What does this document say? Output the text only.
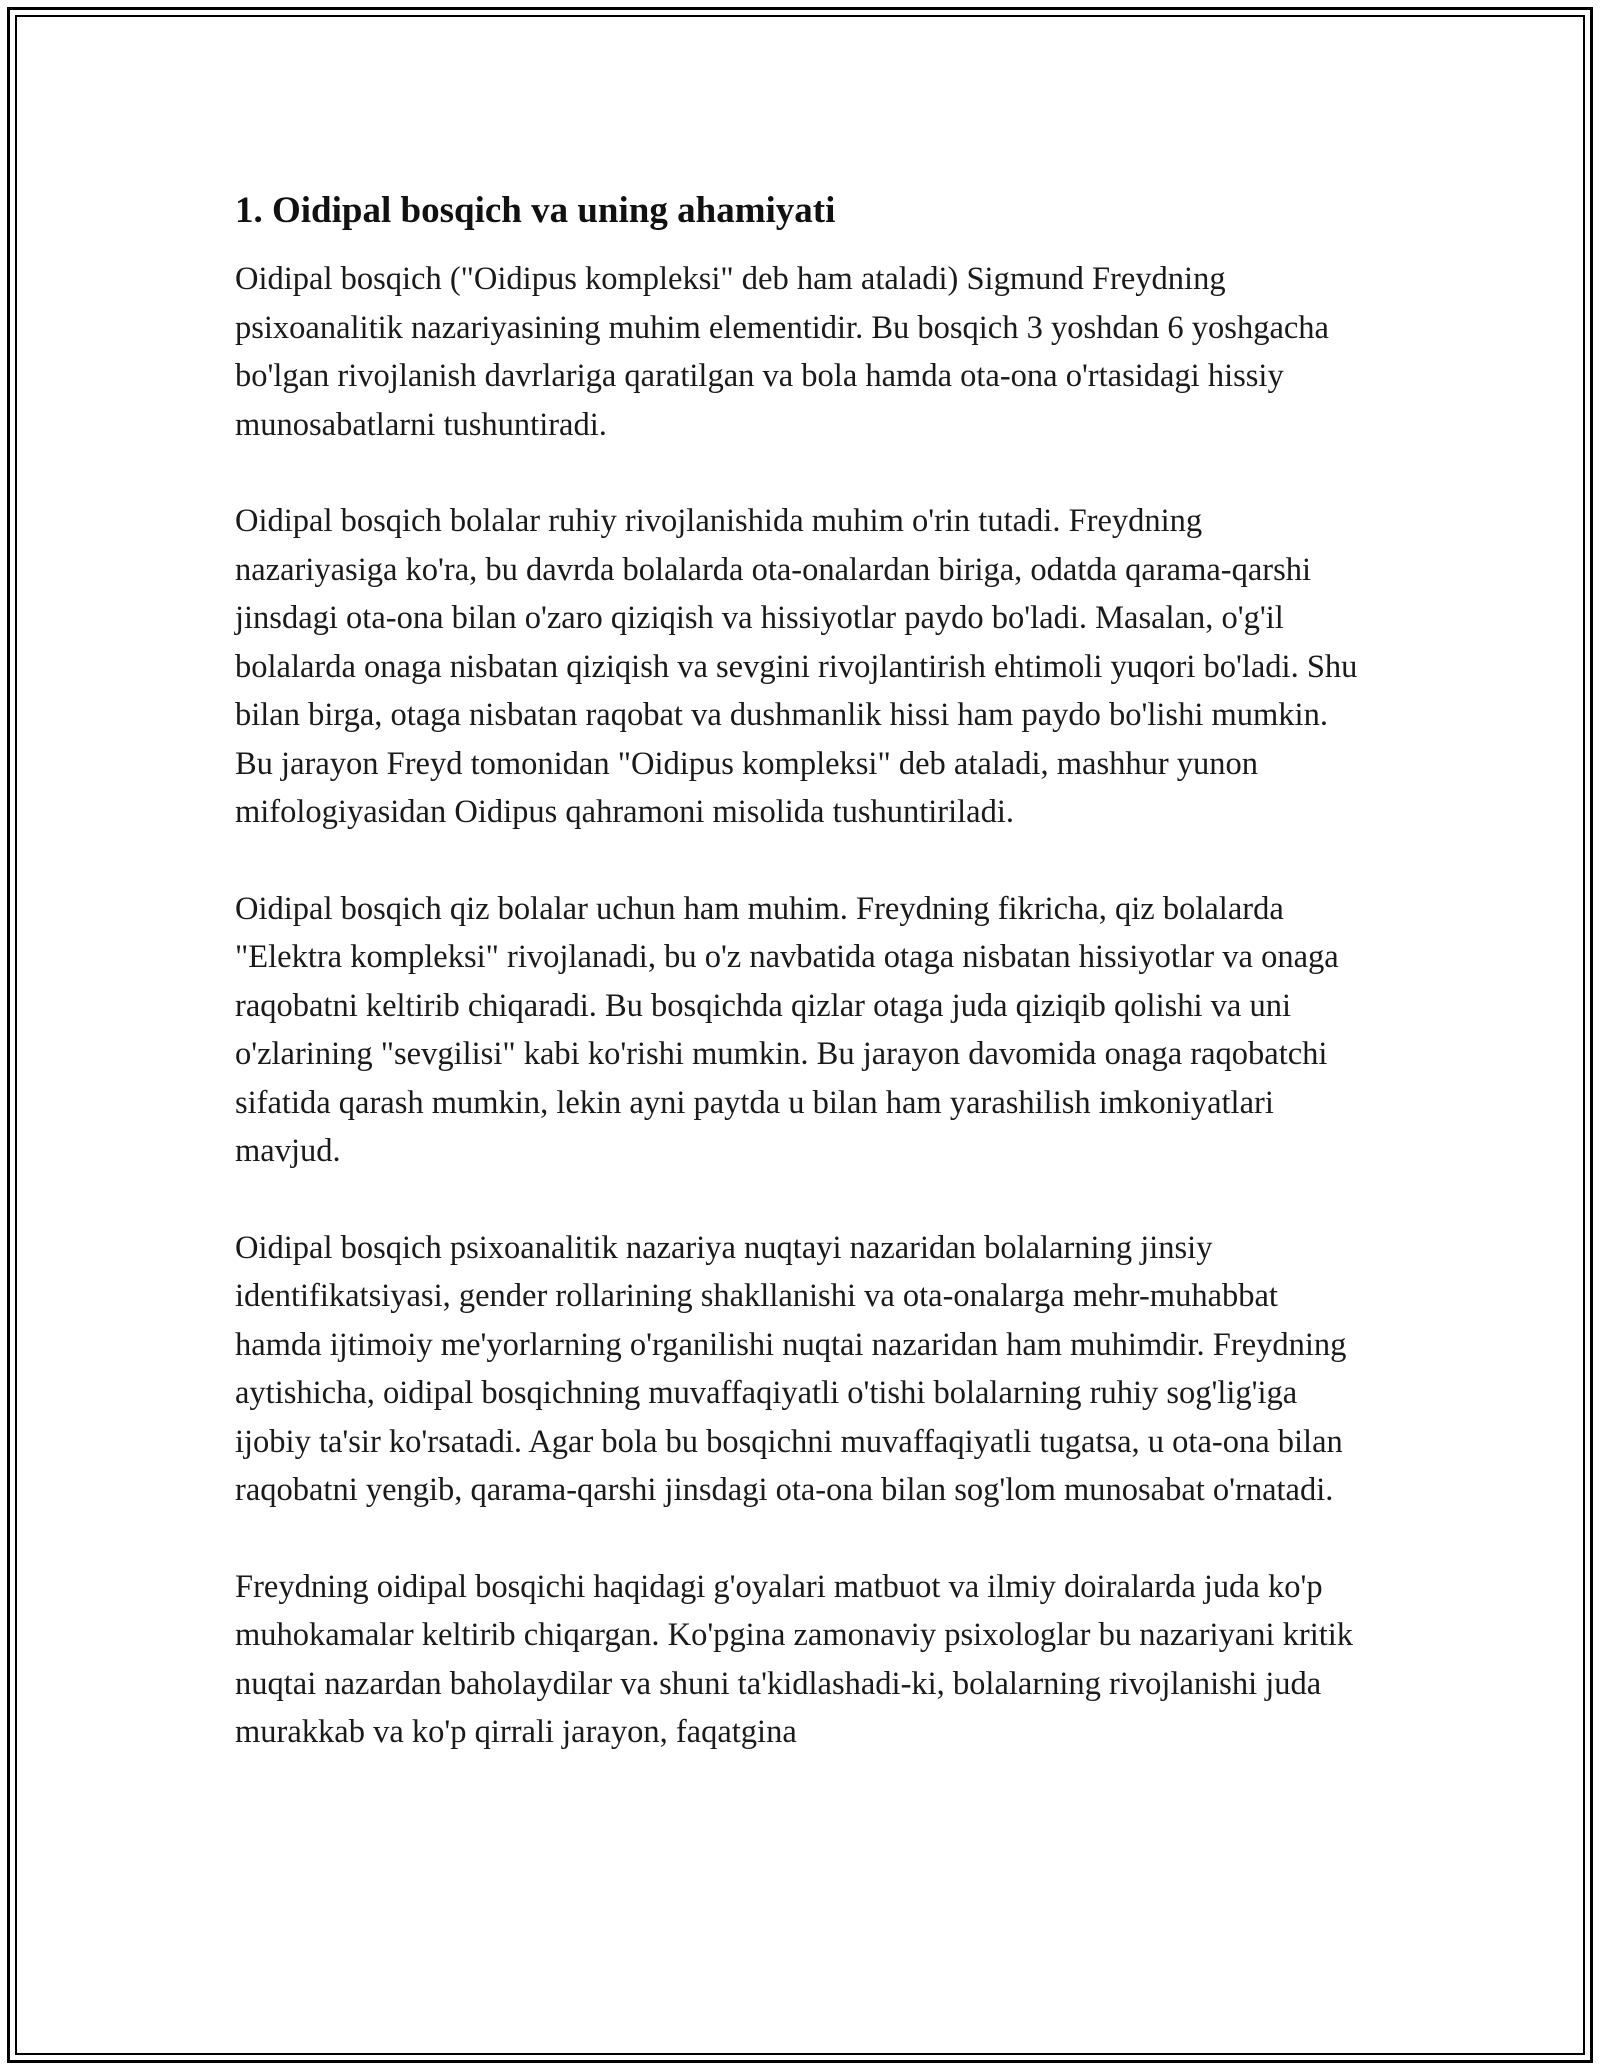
1. Oidipal bosqich va uning ahamiyati

Oidipal bosqich ("Oidipus kompleksi" deb ham ataladi) Sigmund Freydning psixoanalitik nazariyasining muhim elementidir. Bu bosqich 3 yoshdan 6 yoshgacha bo'lgan rivojlanish davrlariga qaratilgan va bola hamda ota-ona o'rtasidagi hissiy munosabatlarni tushuntiradi.

Oidipal bosqich bolalar ruhiy rivojlanishida muhim o'rin tutadi. Freydning nazariyasiga ko'ra, bu davrda bolalarda ota-onalardan biriga, odatda qarama-qarshi jinsdagi ota-ona bilan o'zaro qiziqish va hissiyotlar paydo bo'ladi. Masalan, o'g'il bolalarda onaga nisbatan qiziqish va sevgini rivojlantirish ehtimoli yuqori bo'ladi. Shu bilan birga, otaga nisbatan raqobat va dushmanlik hissi ham paydo bo'lishi mumkin. Bu jarayon Freyd tomonidan "Oidipus kompleksi" deb ataladi, mashhur yunon mifologiyasidan Oidipus qahramoni misolida tushuntiriladi.

Oidipal bosqich qiz bolalar uchun ham muhim. Freydning fikricha, qiz bolalarda "Elektra kompleksi" rivojlanadi, bu o'z navbatida otaga nisbatan hissiyotlar va onaga raqobatni keltirib chiqaradi. Bu bosqichda qizlar otaga juda qiziqib qolishi va uni o'zlarining "sevgilisi" kabi ko'rishi mumkin. Bu jarayon davomida onaga raqobatchi sifatida qarash mumkin, lekin ayni paytda u bilan ham yarashilish imkoniyatlari mavjud.

Oidipal bosqich psixoanalitik nazariya nuqtayi nazaridan bolalarning jinsiy identifikatsiyasi, gender rollarining shakllanishi va ota-onalarga mehr-muhabbat hamda ijtimoiy me'yorlarning o'rganilishi nuqtai nazaridan ham muhimdir. Freydning aytishicha, oidipal bosqichning muvaffaqiyatli o'tishi bolalarning ruhiy sog'lig'iga ijobiy ta'sir ko'rsatadi. Agar bola bu bosqichni muvaffaqiyatli tugatsa, u ota-ona bilan raqobatni yengib, qarama-qarshi jinsdagi ota-ona bilan sog'lom munosabat o'rnatadi.

Freydning oidipal bosqichi haqidagi g'oyalari matbuot va ilmiy doiralarda juda ko'p muhokamalar keltirib chiqargan. Ko'pgina zamonaviy psixologlar bu nazariyani kritik nuqtai nazardan baholaydilar va shuni ta'kidlashadi-ki, bolalarning rivojlanishi juda murakkab va ko'p qirrali jarayon, faqatgina
